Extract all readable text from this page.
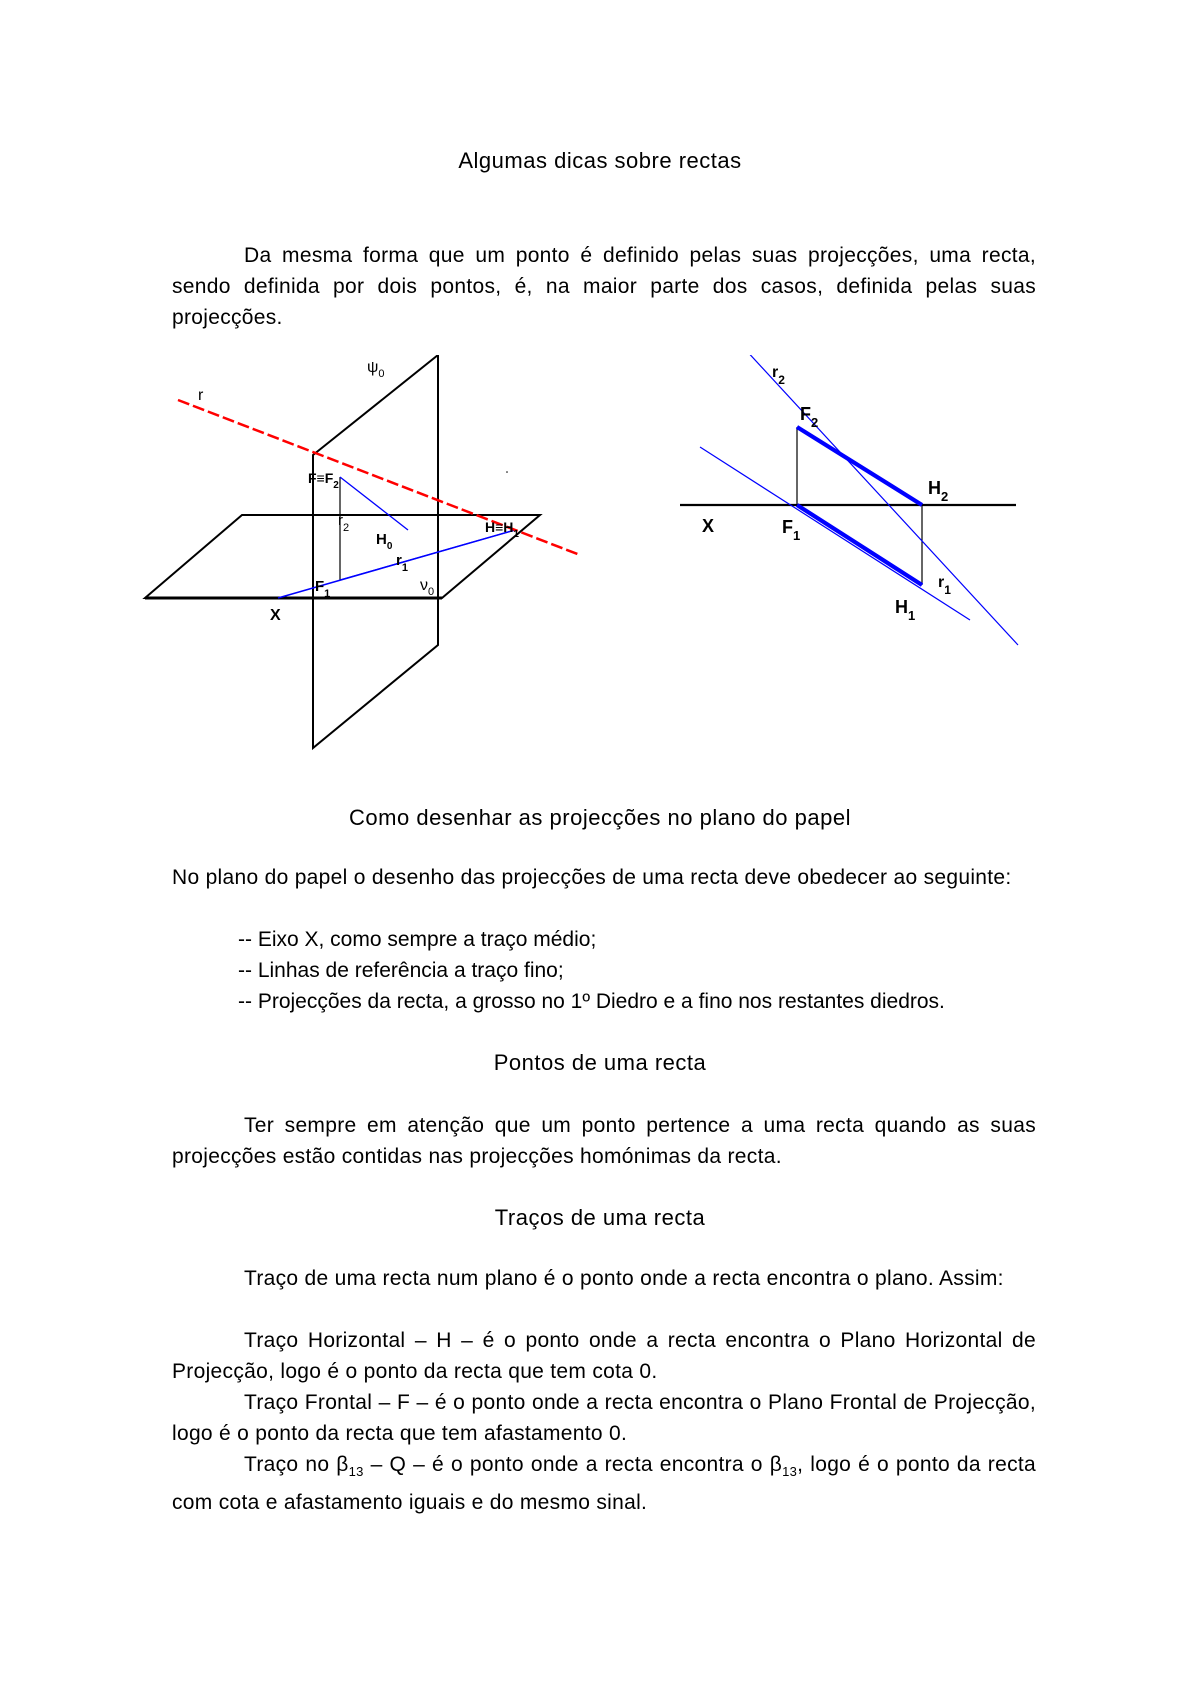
Algumas dicas sobre rectas
Da mesma forma que um ponto é definido pelas suas projecções, uma recta, sendo definida por dois pontos, é, na maior parte dos casos, definida pelas suas projecções.
r
$\psi_0$
$F\equiv F_2$
$r_2$
$H_0$
$H\equiv H_1$
$r_1$
$F_1$	$\nu_0$
X
$r_2$
$F_2$
$H_2$
X	$F_1$
$H_1$
$r_1$
Como desenhar as projecções no plano do papel
No plano do papel o desenho das projecções de uma recta deve obedecer ao seguinte:
-- Eixo X, como sempre a traço médio;
-- Linhas de referência a traço fino;
-- Projecções da recta, a grosso no 1º Diedro e a fino nos restantes diedros.
Pontos de uma recta
Ter sempre em atenção que um ponto pertence a uma recta quando as suas projecções estão contidas nas projecções homónimas da recta.
Traços de uma recta
Traço de uma recta num plano é o ponto onde a recta encontra o plano. Assim:
Traço Horizontal – H – é o ponto onde a recta encontra o Plano Horizontal de Projecção, logo é o ponto da recta que tem cota 0.
Traço Frontal – F – é o ponto onde a recta encontra o Plano Frontal de Projecção, logo é o ponto da recta que tem afastamento 0.
Traço no $\beta_{13}$ – Q – é o ponto onde a recta encontra o $\beta_{13}$, logo é o ponto da recta com cota e afastamento iguais e do mesmo sinal.
